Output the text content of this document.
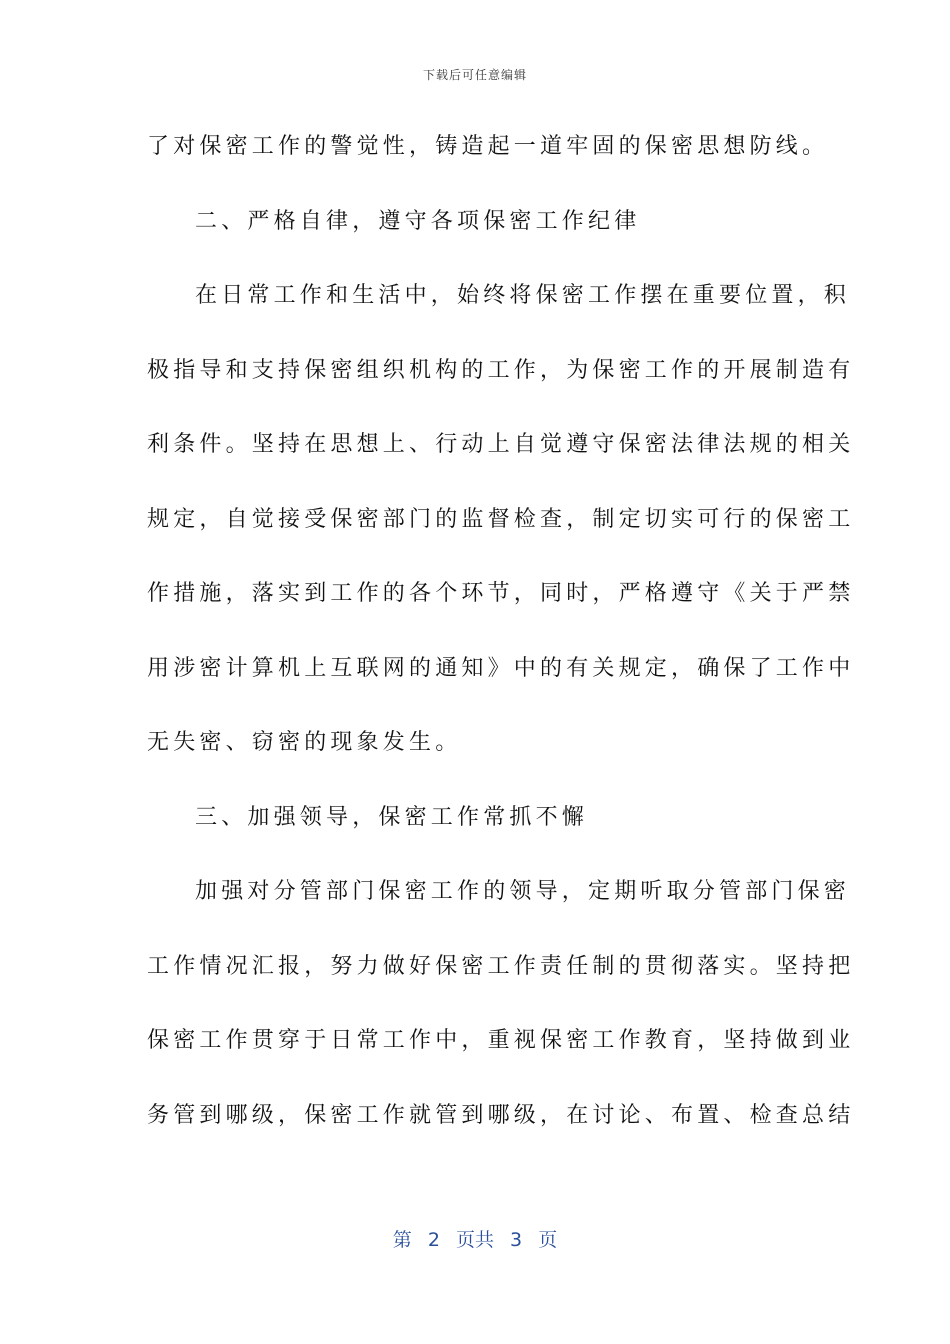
下载后可任意编辑
了对保密工作的警觉性，铸造起一道牢固的保密思想防线。
二、严格自律，遵守各项保密工作纪律
在日常工作和生活中，始终将保密工作摆在重要位置，积
极指导和支持保密组织机构的工作，为保密工作的开展制造有
利条件。坚持在思想上、行动上自觉遵守保密法律法规的相关
规定，自觉接受保密部门的监督检查，制定切实可行的保密工
作措施，落实到工作的各个环节，同时，严格遵守《关于严禁
用涉密计算机上互联网的通知》中的有关规定，确保了工作中
无失密、窃密的现象发生。
三、加强领导，保密工作常抓不懈
加强对分管部门保密工作的领导，定期听取分管部门保密
工作情况汇报，努力做好保密工作责任制的贯彻落实。坚持把
保密工作贯穿于日常工作中，重视保密工作教育，坚持做到业
务管到哪级，保密工作就管到哪级，在讨论、布置、检查总结
第 2 页共 3 页
